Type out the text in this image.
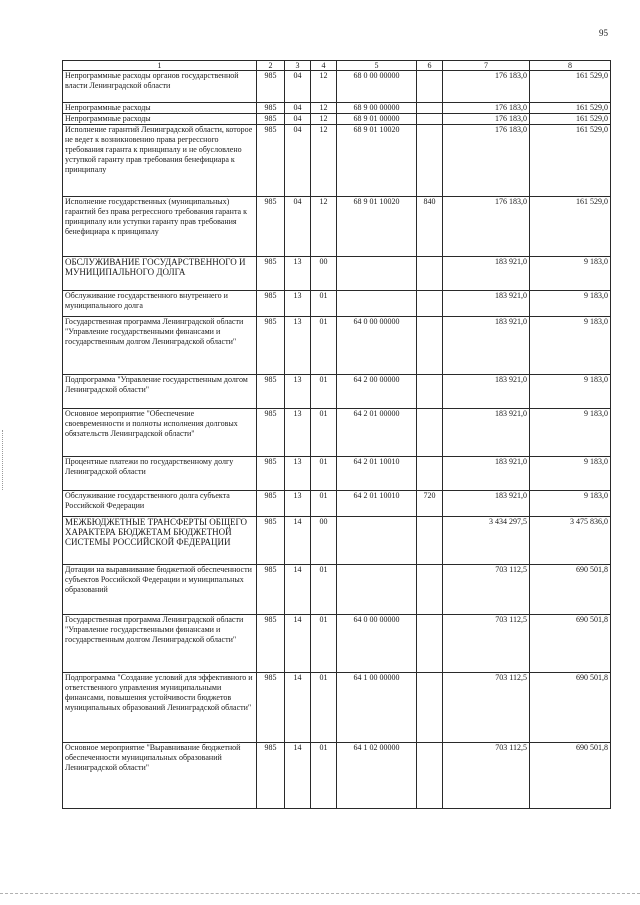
95
1	2	3	4	5	6	7	8
Непрограммные расходы органов государственной власти Ленинградской области	985	04	12	68 0 00 00000		176 183,0	161 529,0
Непрограммные расходы	985	04	12	68 9 00 00000		176 183,0	161 529,0
Непрограммные расходы	985	04	12	68 9 01 00000		176 183,0	161 529,0
Исполнение гарантий Ленинградской области, которое не ведет к возникновению права регрессного требования гаранта к принципалу и не обусловлено уступкой гаранту прав требования бенефициара к принципалу	985	04	12	68 9 01 10020		176 183,0	161 529,0
Исполнение государственных (муниципальных) гарантий без права регрессного требования гаранта к принципалу или уступки гаранту прав требования бенефициара к принципалу	985	04	12	68 9 01 10020	840	176 183,0	161 529,0
ОБСЛУЖИВАНИЕ ГОСУДАРСТВЕННОГО И МУНИЦИПАЛЬНОГО ДОЛГА	985	13	00			183 921,0	9 183,0
Обслуживание государственного внутреннего и муниципального долга	985	13	01			183 921,0	9 183,0
Государственная программа Ленинградской области "Управление государственными финансами и государственным долгом Ленинградской области"	985	13	01	64 0 00 00000		183 921,0	9 183,0
Подпрограмма "Управление государственным долгом Ленинградской области"	985	13	01	64 2 00 00000		183 921,0	9 183,0
Основное мероприятие "Обеспечение своевременности и полноты исполнения долговых обязательств Ленинградской области"	985	13	01	64 2 01 00000		183 921,0	9 183,0
Процентные платежи по государственному долгу Ленинградской области	985	13	01	64 2 01 10010		183 921,0	9 183,0
Обслуживание государственного долга субъекта Российской Федерации	985	13	01	64 2 01 10010	720	183 921,0	9 183,0
МЕЖБЮДЖЕТНЫЕ ТРАНСФЕРТЫ ОБЩЕГО ХАРАКТЕРА БЮДЖЕТАМ БЮДЖЕТНОЙ СИСТЕМЫ РОССИЙСКОЙ ФЕДЕРАЦИИ	985	14	00			3 434 297,5	3 475 836,0
Дотации на выравнивание бюджетной обеспеченности субъектов Российской Федерации и муниципальных образований	985	14	01			703 112,5	690 501,8
Государственная программа Ленинградской области "Управление государственными финансами и государственным долгом Ленинградской области"	985	14	01	64 0 00 00000		703 112,5	690 501,8
Подпрограмма "Создание условий для эффективного и ответственного управления муниципальными финансами, повышения устойчивости бюджетов муниципальных образований Ленинградской области"	985	14	01	64 1 00 00000		703 112,5	690 501,8
Основное мероприятие "Выравнивание бюджетной обеспеченности муниципальных образований Ленинградской области"	985	14	01	64 1 02 00000		703 112,5	690 501,8
